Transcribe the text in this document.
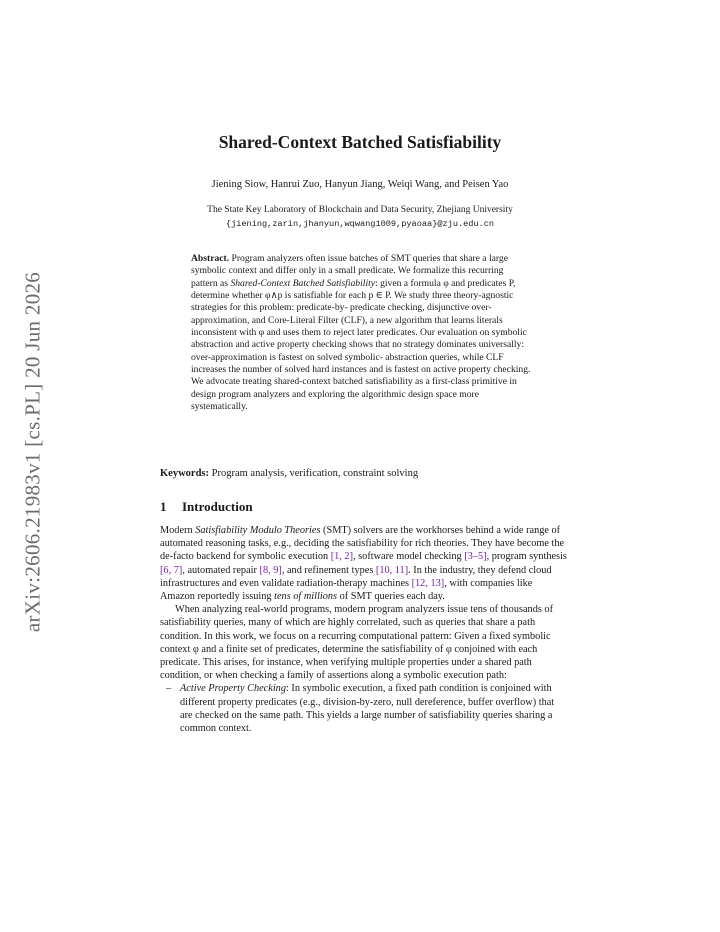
arXiv:2606.21983v1 [cs.PL] 20 Jun 2026
Shared-Context Batched Satisfiability

Jiening Siow, Hanrui Zuo, Hanyun Jiang, Weiqi Wang, and Peisen Yao

The State Key Laboratory of Blockchain and Data Security, Zhejiang University

{jiening,zarin,jhanyun,wqwang1009,pyaoaa}@zju.edu.cn

Abstract. Program analyzers often issue batches of SMT queries that share a large symbolic context and differ only in a small predicate. We formalize this recurring pattern as Shared-Context Batched Satisfiability: given a formula φ and predicates P, determine whether φ∧p is satisfiable for each p ∈ P. We study three theory-agnostic strategies for this problem: predicate-by- predicate checking, disjunctive over-approximation, and Core-Literal Filter (CLF), a new algorithm that learns literals inconsistent with φ and uses them to reject later predicates. Our evaluation on symbolic abstraction and active property checking shows that no strategy dominates universally: over-approximation is fastest on solved symbolic- abstraction queries, while CLF increases the number of solved hard instances and is fastest on active property checking. We advocate treating shared-context batched satisfiability as a first-class primitive in design program analyzers and exploring the algorithmic design space more systematically.

Keywords: Program analysis, verification, constraint solving

1 Introduction

Modern Satisfiability Modulo Theories (SMT) solvers are the workhorses behind a wide range of automated reasoning tasks, e.g., deciding the satisfiability for rich theories. They have become the de-facto backend for symbolic execution [1, 2], software model checking [3–5], program synthesis [6, 7], automated repair [8, 9], and refinement types [10, 11]. In the industry, they defend cloud infrastructures and even validate radiation-therapy machines [12, 13], with companies like Amazon reportedly issuing tens of millions of SMT queries each day.

When analyzing real-world programs, modern program analyzers issue tens of thousands of satisfiability queries, many of which are highly correlated, such as queries that share a path condition. In this work, we focus on a recurring computational pattern: Given a fixed symbolic context φ and a finite set of predicates, determine the satisfiability of φ conjoined with each predicate. This arises, for instance, when verifying multiple properties under a shared path condition, or when checking a family of assertions along a symbolic execution path:

– Active Property Checking: In symbolic execution, a fixed path condition is conjoined with different property predicates (e.g., division-by-zero, null dereference, buffer overflow) that are checked on the same path. This yields a large number of satisfiability queries sharing a common context.
